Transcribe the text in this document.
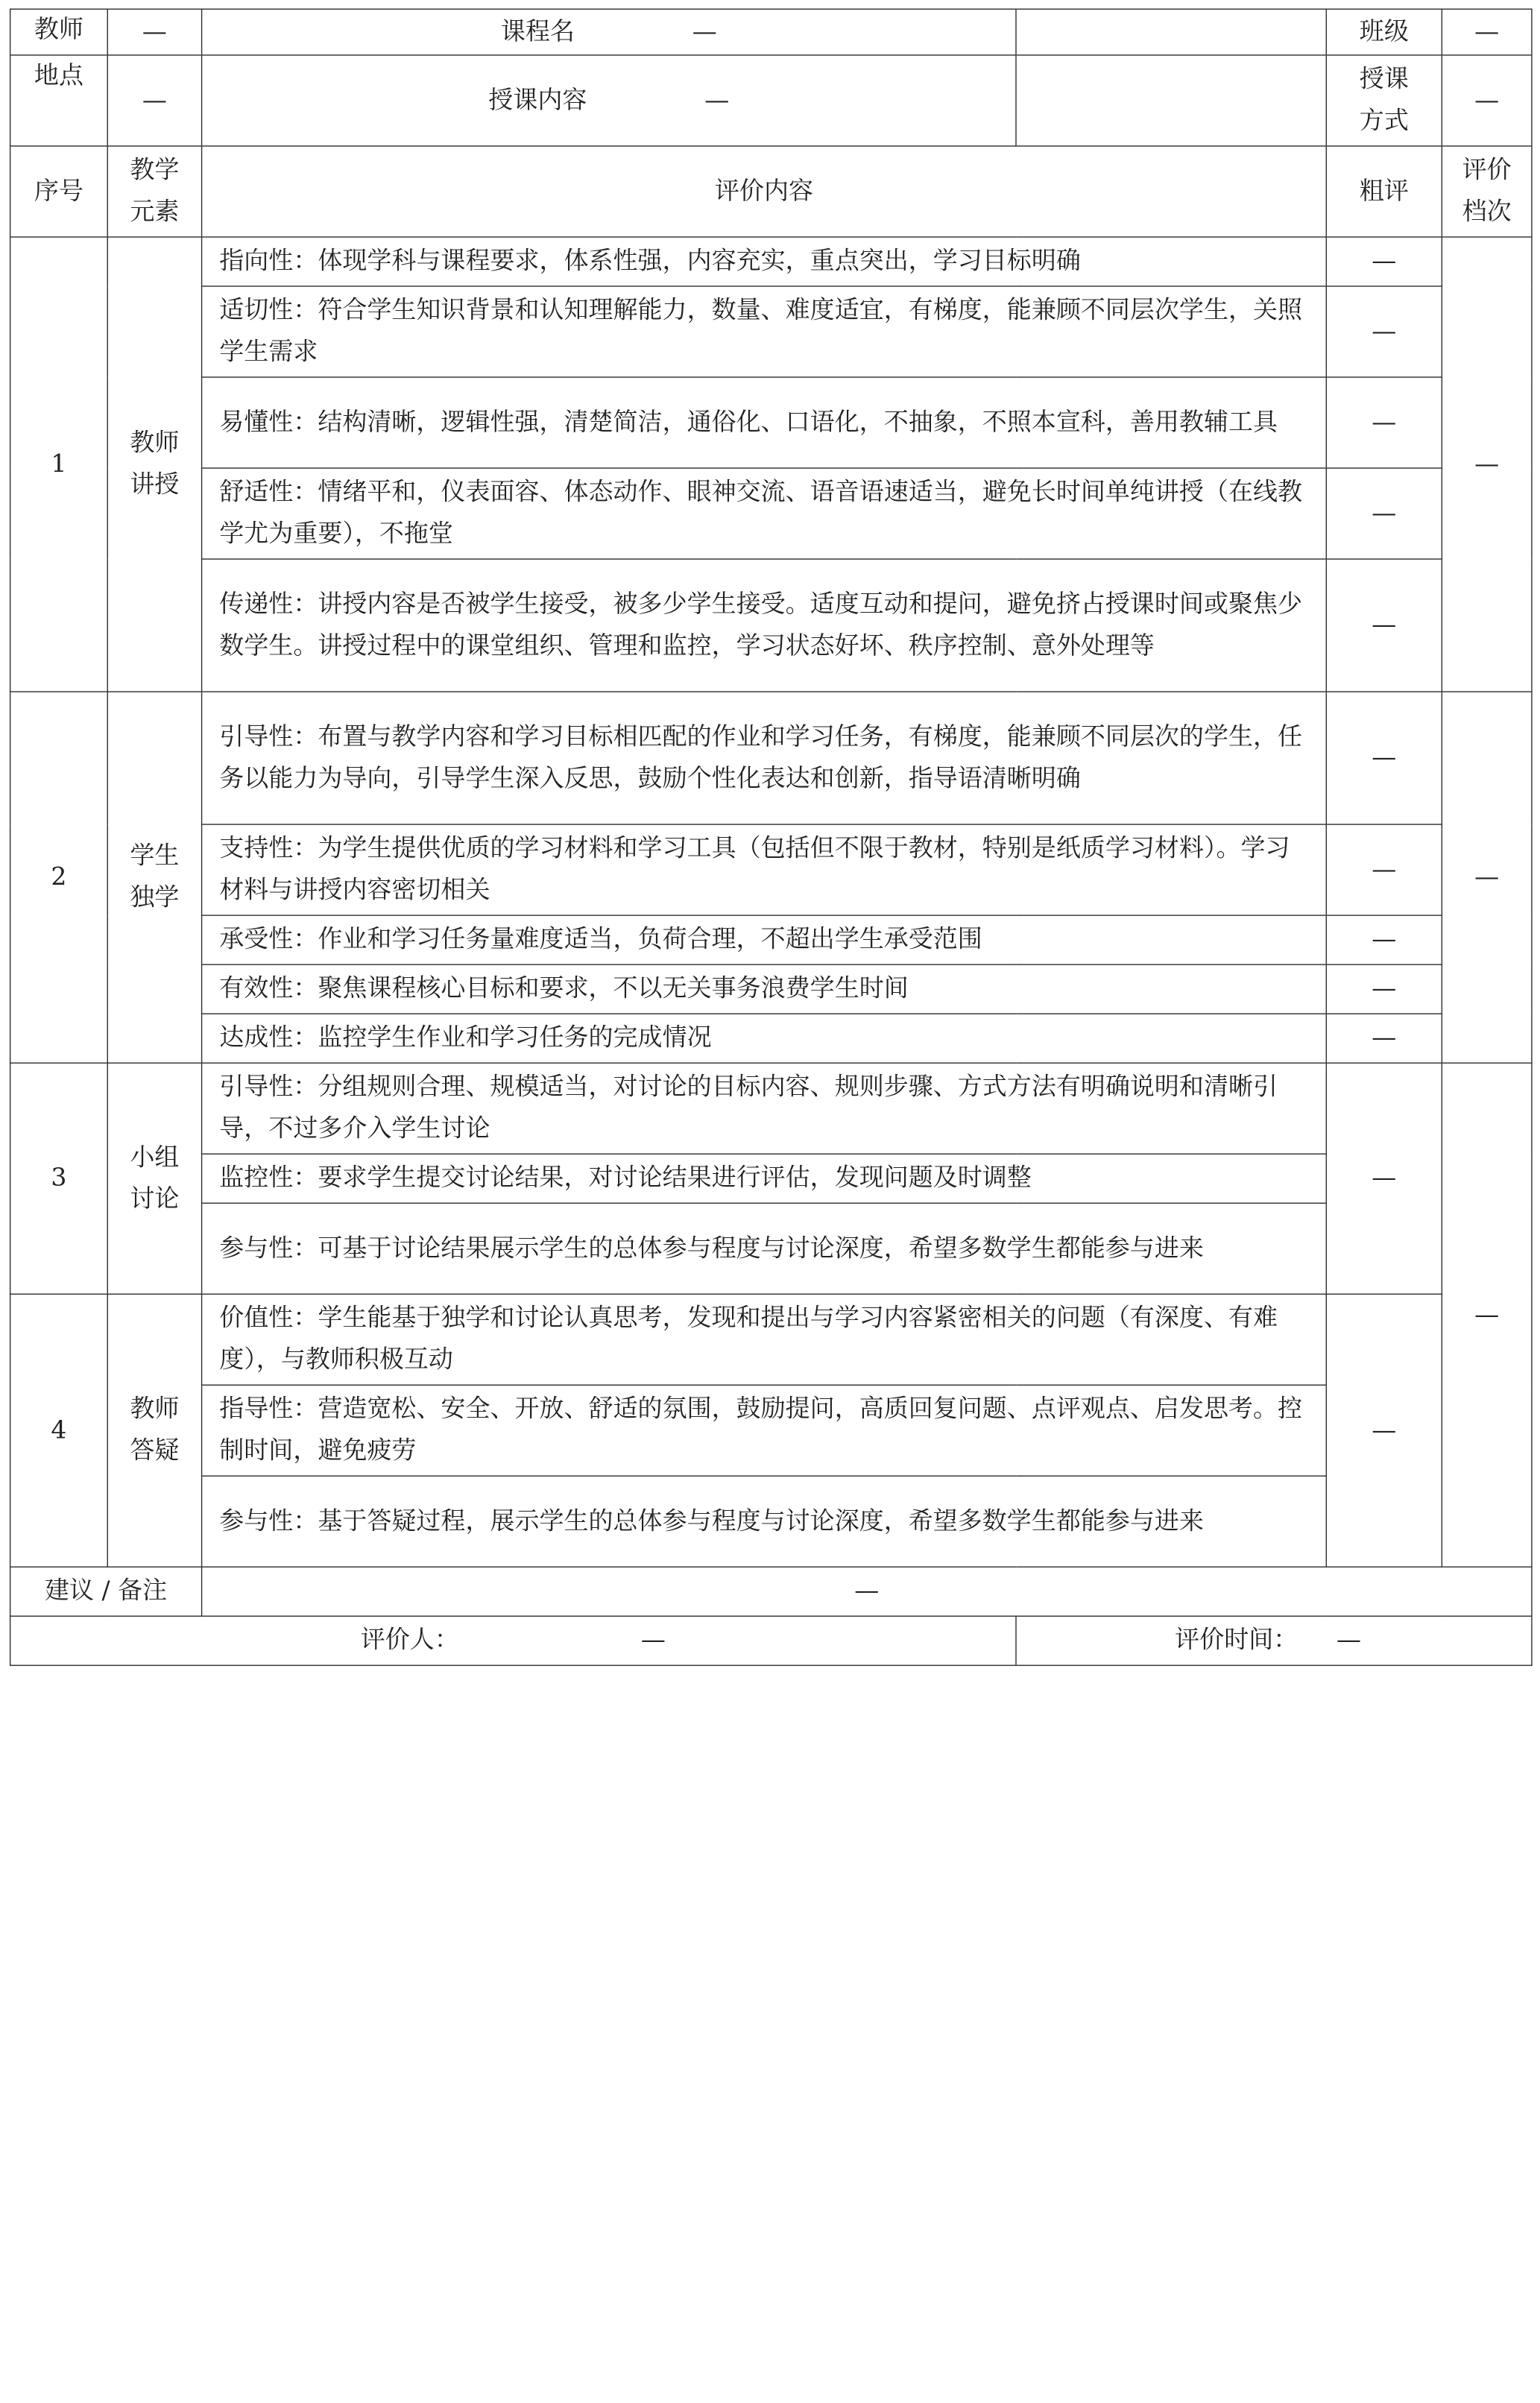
教师	—	课程名 —		班级	—
地点	—	授课内容 —		授课方式	—
序号	教学元素	评价内容		粗评	评价档次
1	教师讲授	指向性：体现学科与课程要求，体系性强，内容充实，重点突出，学习目标明确		—	—
		适切性：符合学生知识背景和认知理解能力，数量、难度适宜，有梯度，能兼顾不同层次学生，关照学生需求		—	
		易懂性：结构清晰，逻辑性强，清楚简洁，通俗化、口语化，不抽象，不照本宣科，善用教辅工具		—	
		舒适性：情绪平和，仪表面容、体态动作、眼神交流、语音语速适当，避免长时间单纯讲授（在线教学尤为重要），不拖堂		—	
		传递性：讲授内容是否被学生接受，被多少学生接受。适度互动和提问，避免挤占授课时间或聚焦少数学生。讲授过程中的课堂组织、管理和监控，学习状态好坏、秩序控制、意外处理等		—	
2	学生独学	引导性：布置与教学内容和学习目标相匹配的作业和学习任务，有梯度，能兼顾不同层次的学生，任务以能力为导向，引导学生深入反思，鼓励个性化表达和创新，指导语清晰明确		—	—
		支持性：为学生提供优质的学习材料和学习工具（包括但不限于教材，特别是纸质学习材料）。学习材料与讲授内容密切相关		—	
		承受性：作业和学习任务量难度适当，负荷合理，不超出学生承受范围		—	
		有效性：聚焦课程核心目标和要求，不以无关事务浪费学生时间		—	
		达成性：监控学生作业和学习任务的完成情况		—	
3	小组讨论	引导性：分组规则合理、规模适当，对讨论的目标内容、规则步骤、方式方法有明确说明和清晰引导，不过多介入学生讨论		—	—
		监控性：要求学生提交讨论结果，对讨论结果进行评估，发现问题及时调整			
		参与性：可基于讨论结果展示学生的总体参与程度与讨论深度，希望多数学生都能参与进来			
4	教师答疑	价值性：学生能基于独学和讨论认真思考，发现和提出与学习内容紧密相关的问题（有深度、有难度），与教师积极互动		—	
		指导性：营造宽松、安全、开放、舒适的氛围，鼓励提问，高质回复问题、点评观点、启发思考。控制时间，避免疲劳			
		参与性：基于答疑过程，展示学生的总体参与程度与讨论深度，希望多数学生都能参与进来			
建议 / 备注		—			

评价人： —			评价时间： —		
